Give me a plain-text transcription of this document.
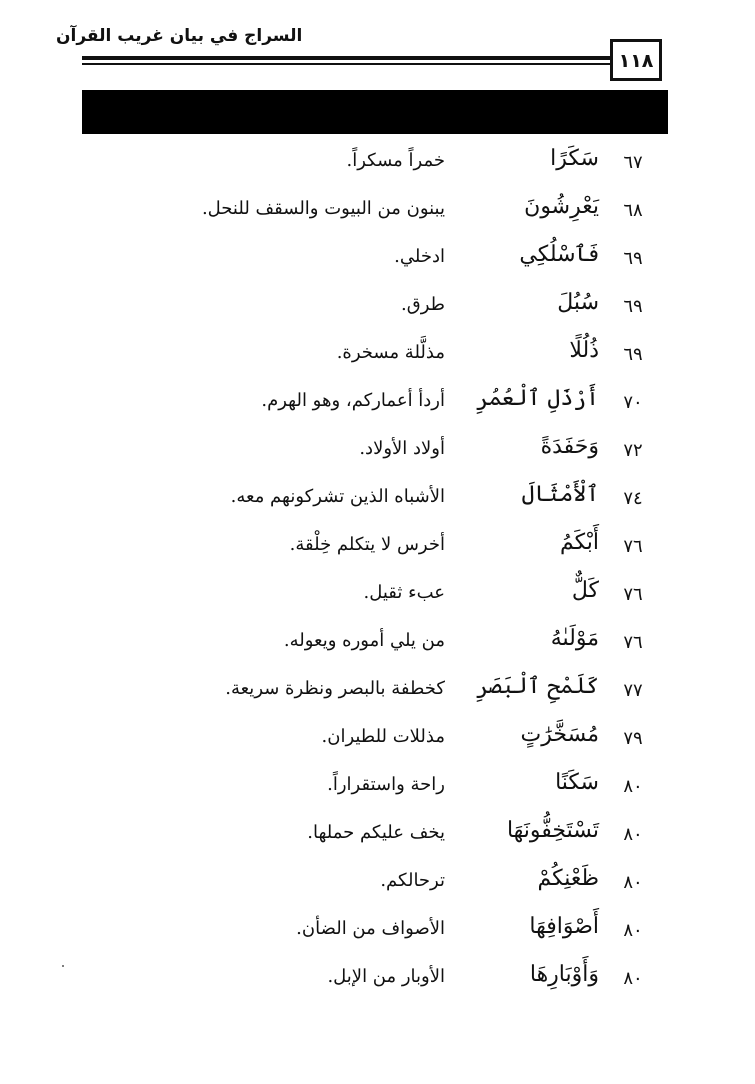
السراج في بيان غريب القرآن
١١٨
٦٧
سَكَرًا
خمراً مسكراً.
٦٨
يَعْرِشُونَ
يبنون من البيوت والسقف للنحل.
٦٩
فَٱسْلُكِي
ادخلي.
٦٩
سُبُلَ
طرق.
٦٩
ذُلُلًا
مذلَّلة مسخرة.
٧٠
أَرْذَلِ ٱلْعُمُرِ
أردأ أعماركم، وهو الهرم.
٧٢
وَحَفَدَةً
أولاد الأولاد.
٧٤
ٱلْأَمْثَالَ
الأشباه الذين تشركونهم معه.
٧٦
أَبْكَمُ
أخرس لا يتكلم خِلْقة.
٧٦
كَلٌّ
عبء ثقيل.
٧٦
مَوْلَىٰهُ
من يلي أموره ويعوله.
٧٧
كَلَمْحِ ٱلْبَصَرِ
كخطفة بالبصر ونظرة سريعة.
٧٩
مُسَخَّرَٰتٍ
مذللات للطيران.
٨٠
سَكَنًا
راحة واستقراراً.
٨٠
تَسْتَخِفُّونَهَا
يخف عليكم حملها.
٨٠
ظَعْنِكُمْ
ترحالكم.
٨٠
أَصْوَافِهَا
الأصواف من الضأن.
٨٠
وَأَوْبَارِهَا
الأوبار من الإبل.
